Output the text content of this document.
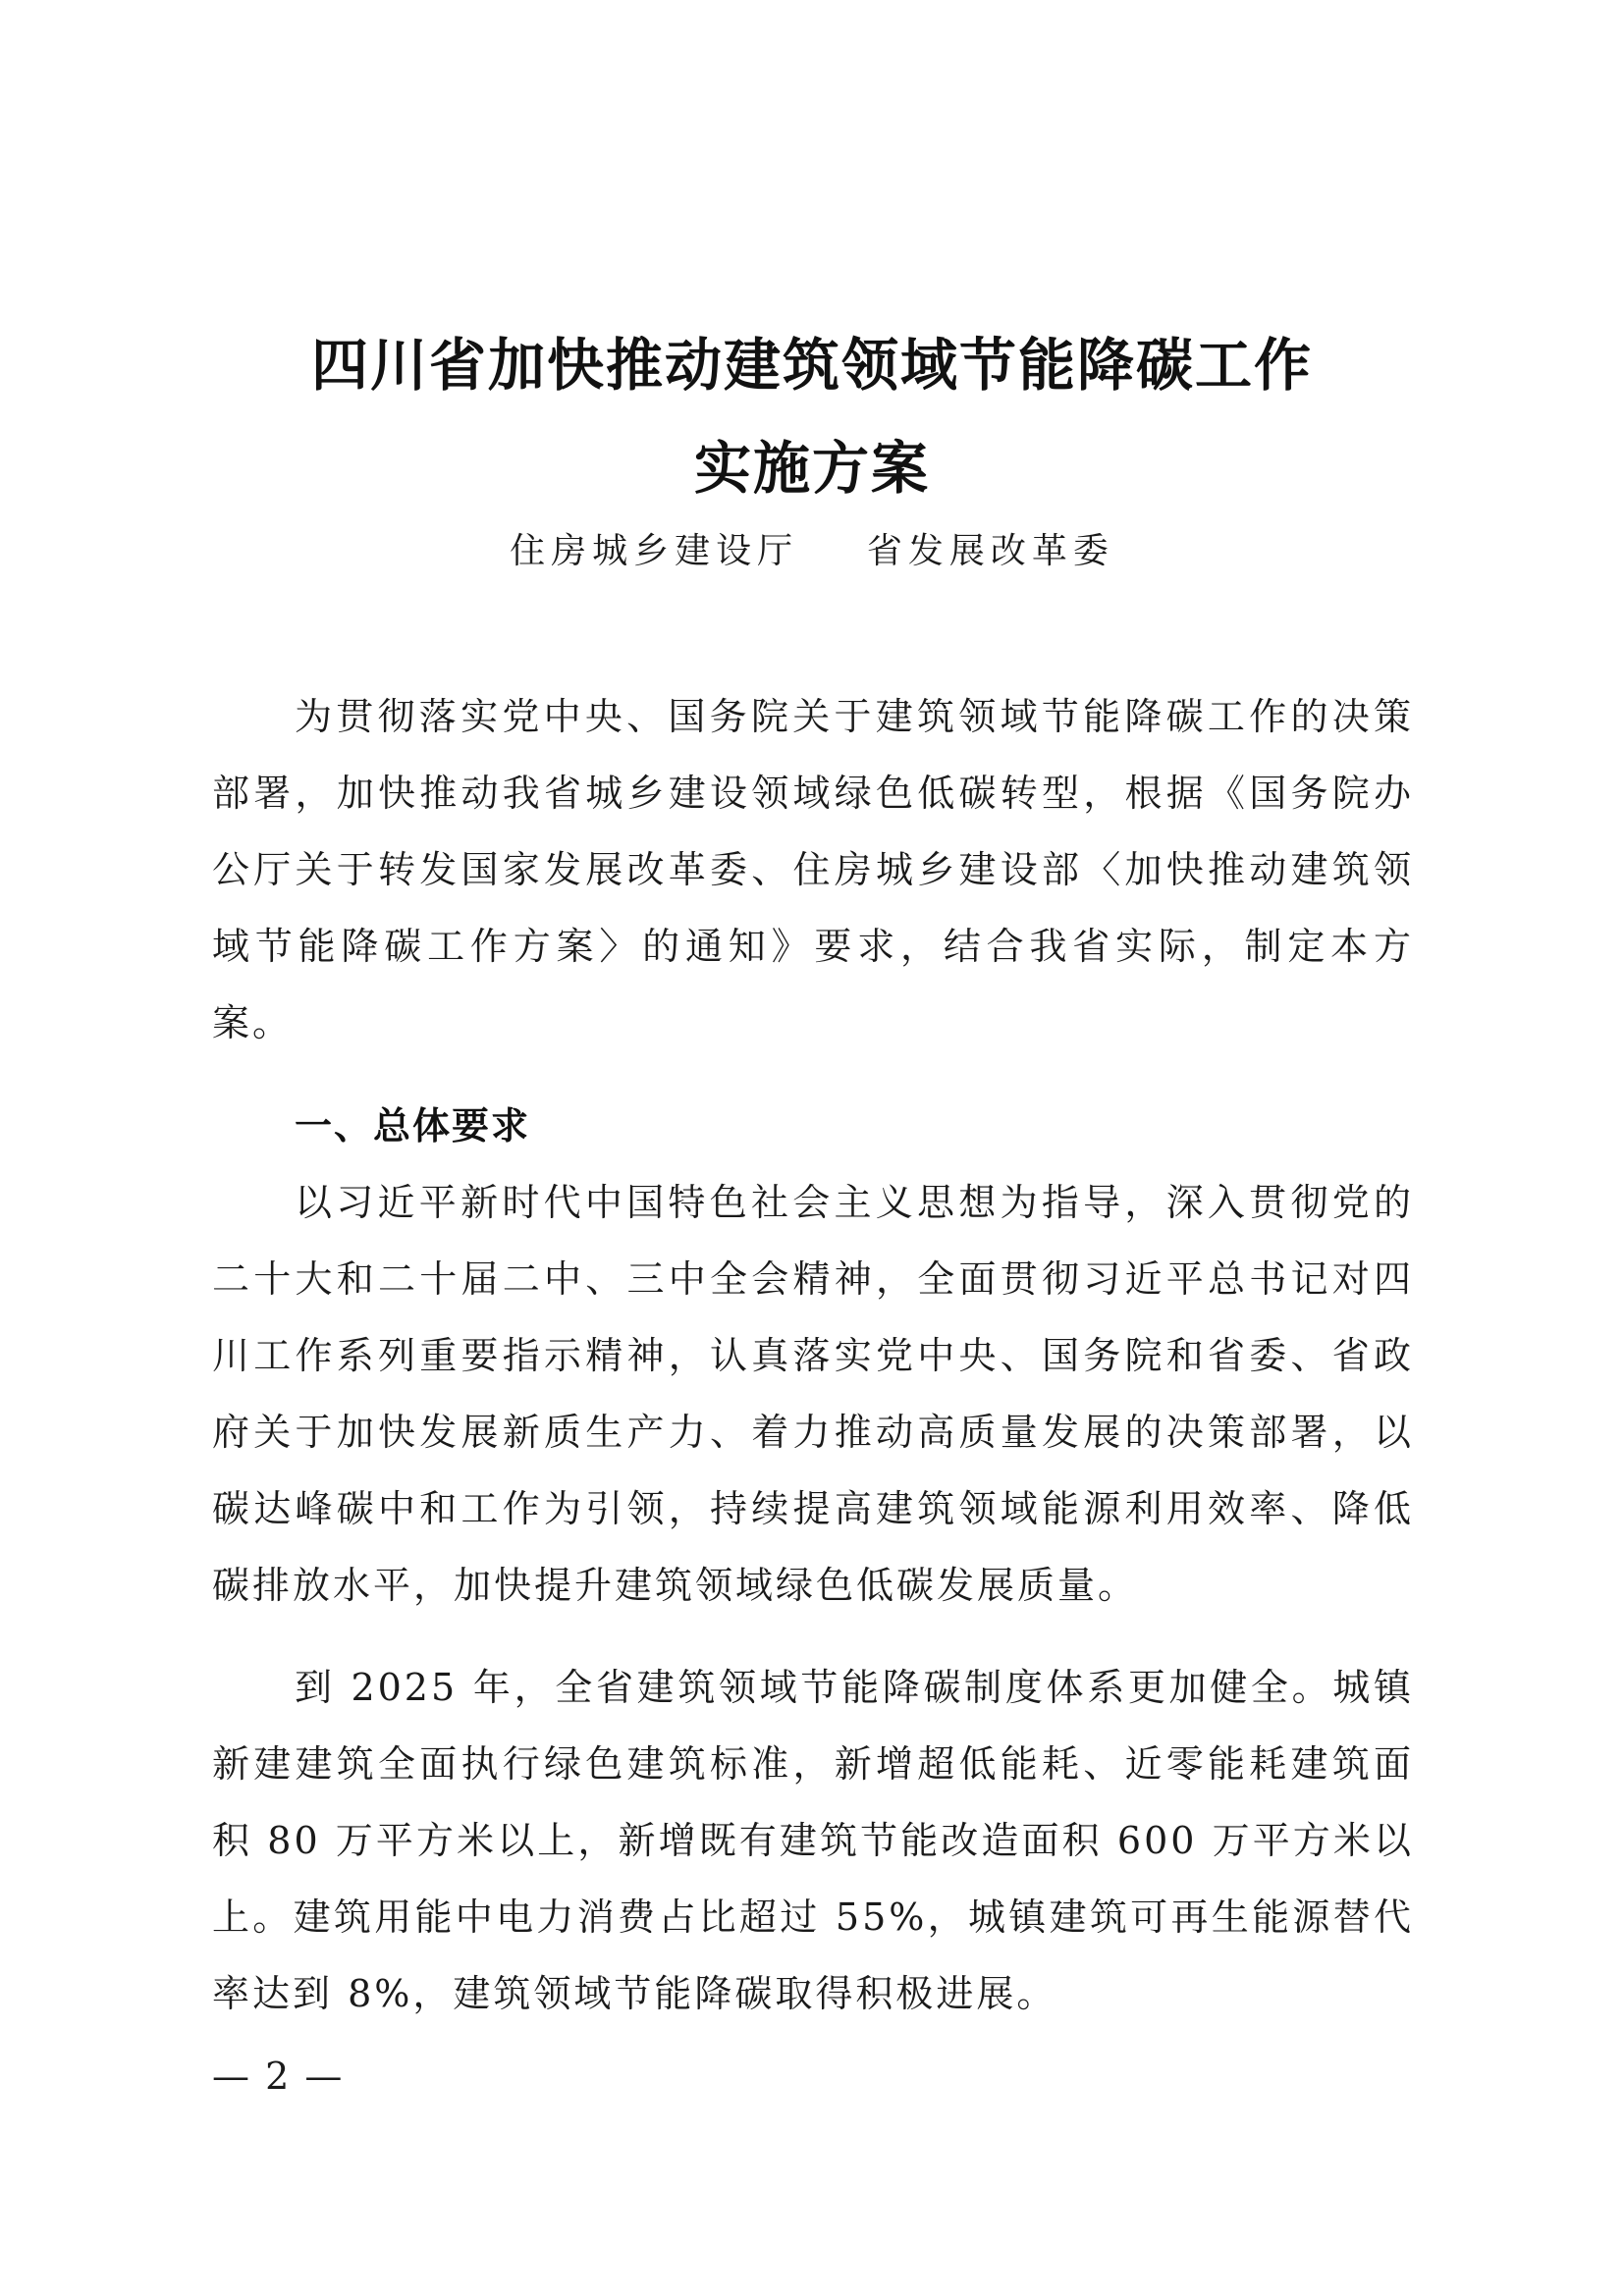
四川省加快推动建筑领域节能降碳工作
实施方案
住房城乡建设厅    省发展改革委

为贯彻落实党中央、国务院关于建筑领域节能降碳工作的决策部署，加快推动我省城乡建设领域绿色低碳转型，根据《国务院办公厅关于转发国家发展改革委、住房城乡建设部〈加快推动建筑领域节能降碳工作方案〉的通知》要求，结合我省实际，制定本方案。

一、总体要求

以习近平新时代中国特色社会主义思想为指导，深入贯彻党的二十大和二十届二中、三中全会精神，全面贯彻习近平总书记对四川工作系列重要指示精神，认真落实党中央、国务院和省委、省政府关于加快发展新质生产力、着力推动高质量发展的决策部署，以碳达峰碳中和工作为引领，持续提高建筑领域能源利用效率、降低碳排放水平，加快提升建筑领域绿色低碳发展质量。

到 2025 年，全省建筑领域节能降碳制度体系更加健全。城镇新建建筑全面执行绿色建筑标准，新增超低能耗、近零能耗建筑面积 80 万平方米以上，新增既有建筑节能改造面积 600 万平方米以上。建筑用能中电力消费占比超过 55%，城镇建筑可再生能源替代率达到 8%，建筑领域节能降碳取得积极进展。

— 2 —
